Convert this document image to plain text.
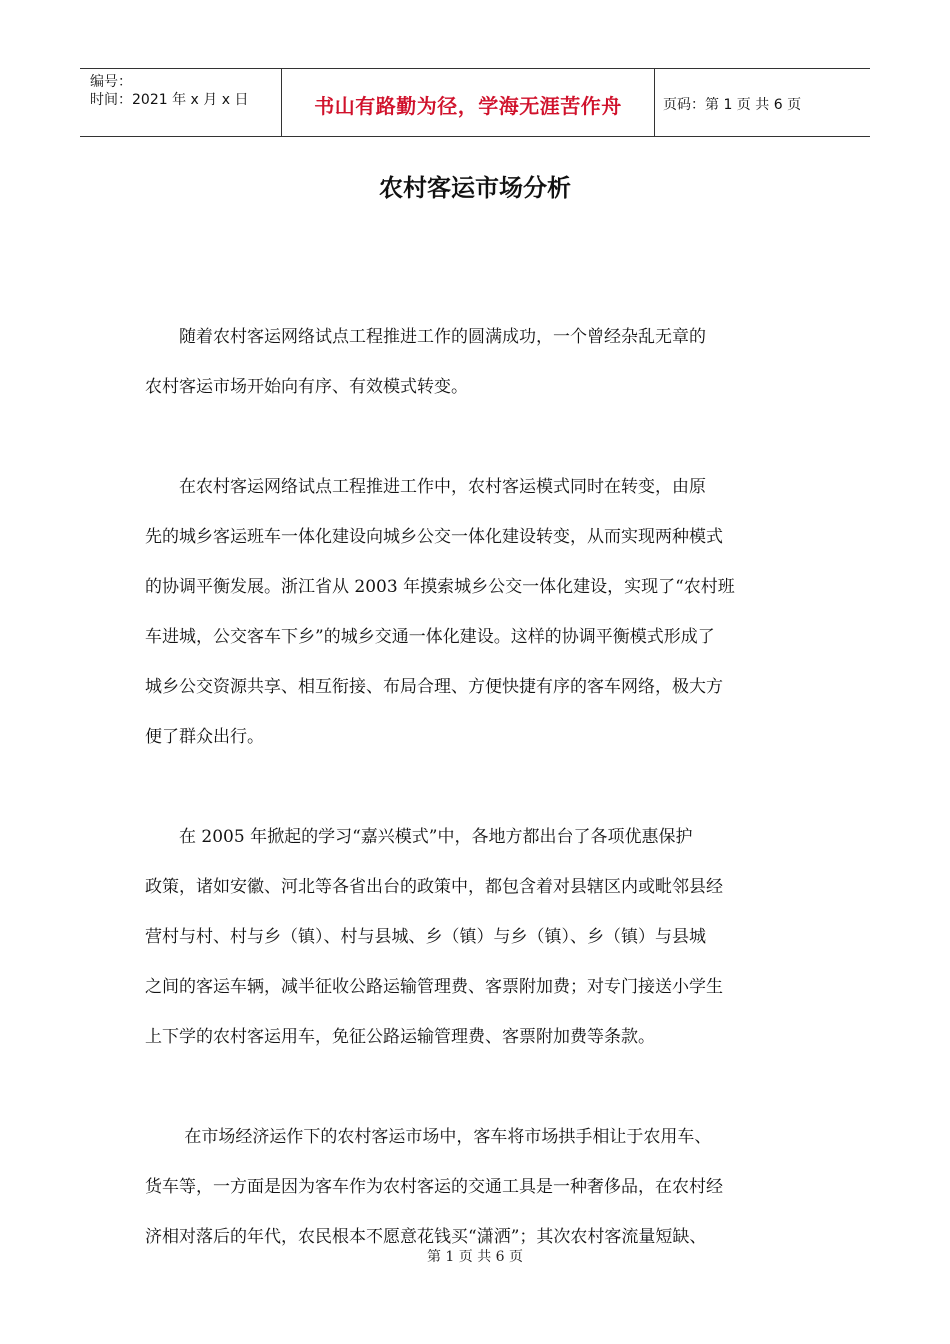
编号：
时间：2021 年 x 月 x 日	书山有路勤为径，学海无涯苦作舟	页码：第 1 页 共 6 页
农村客运市场分析
　　随着农村客运网络试点工程推进工作的圆满成功，一个曾经杂乱无章的
农村客运市场开始向有序、有效模式转变。
　　在农村客运网络试点工程推进工作中，农村客运模式同时在转变，由原
先的城乡客运班车一体化建设向城乡公交一体化建设转变，从而实现两种模式
的协调平衡发展。浙江省从 2003 年摸索城乡公交一体化建设，实现了“农村班
车进城，公交客车下乡”的城乡交通一体化建设。这样的协调平衡模式形成了
城乡公交资源共享、相互衔接、布局合理、方便快捷有序的客车网络，极大方
便了群众出行。
　　在 2005 年掀起的学习“嘉兴模式”中，各地方都出台了各项优惠保护
政策，诸如安徽、河北等各省出台的政策中，都包含着对县辖区内或毗邻县经
营村与村、村与乡（镇）、村与县城、乡（镇）与乡（镇）、乡（镇）与县城
之间的客运车辆，减半征收公路运输管理费、客票附加费；对专门接送小学生
上下学的农村客运用车，免征公路运输管理费、客票附加费等条款。
　　 在市场经济运作下的农村客运市场中，客车将市场拱手相让于农用车、
货车等，一方面是因为客车作为农村客运的交通工具是一种奢侈品，在农村经
济相对落后的年代，农民根本不愿意花钱买“潇洒”；其次农村客流量短缺、
第 1 页 共 6 页
